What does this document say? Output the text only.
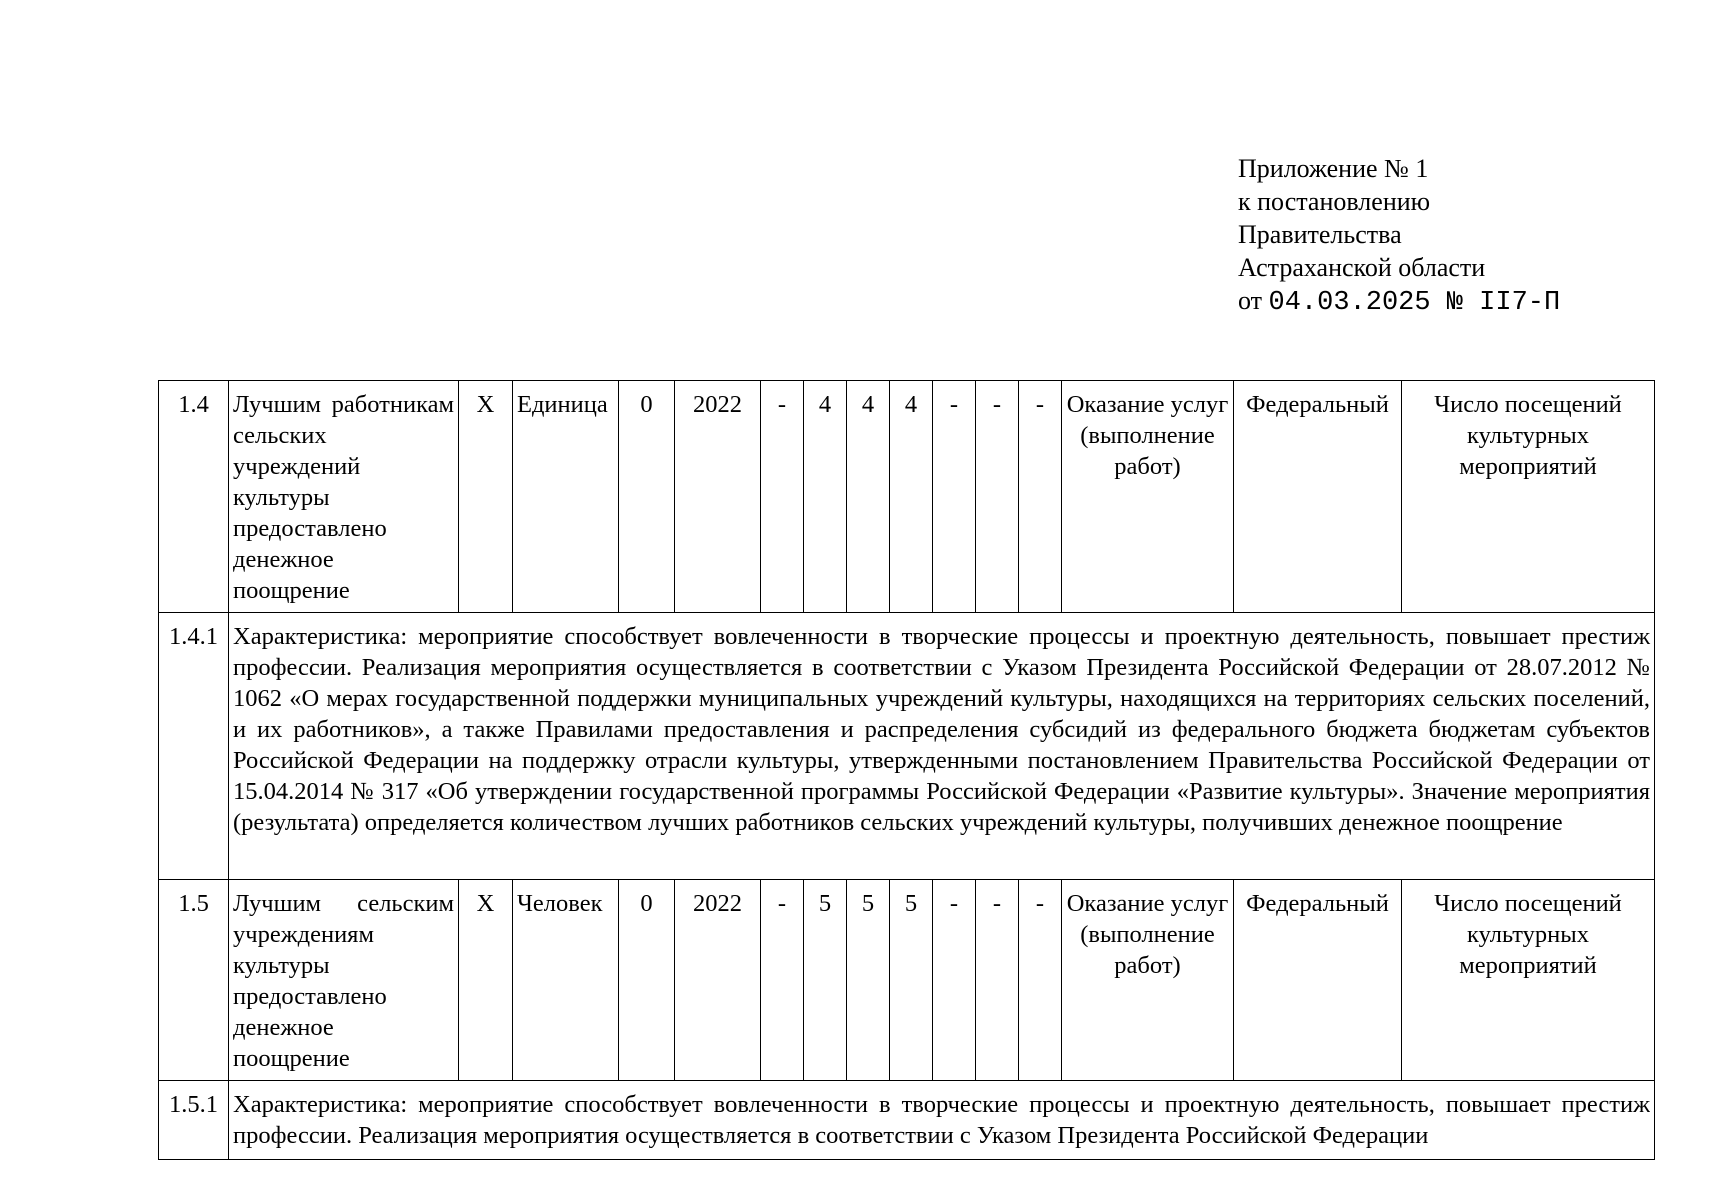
Приложение № 1
к постановлению
Правительства
Астраханской области
от 04.03.2025 № II7-П
1.4	Лучшим работникам сельских учреждений культуры предоставлено денежное поощрение	Х	Единица	0	2022	-	4	4	4	-	-	-	Оказание услуг (выполнение работ)	Федеральный	Число посещений культурных мероприятий
1.4.1	Характеристика: мероприятие способствует вовлеченности в творческие процессы и проектную деятельность, повышает престиж профессии. Реализация мероприятия осуществляется в соответствии с Указом Президента Российской Федерации от 28.07.2012 № 1062 «О мерах государственной поддержки муниципальных учреждений культуры, находящихся на территориях сельских поселений, и их работников», а также Правилами предоставления и распределения субсидий из федерального бюджета бюджетам субъектов Российской Федерации на поддержку отрасли культуры, утвержденными постановлением Правительства Российской Федерации от 15.04.2014 № 317 «Об утверждении государственной программы Российской Федерации «Развитие культуры». Значение мероприятия (результата) определяется количеством лучших работников сельских учреждений культуры, получивших денежное поощрение														
1.5	Лучшим сельским учреждениям культуры предоставлено денежное поощрение	Х	Человек	0	2022	-	5	5	5	-	-	-	Оказание услуг (выполнение работ)	Федеральный	Число посещений культурных мероприятий
1.5.1	Характеристика: мероприятие способствует вовлеченности в творческие процессы и проектную деятельность, повышает престиж профессии. Реализация мероприятия осуществляется в соответствии с Указом Президента Российской Федерации														
